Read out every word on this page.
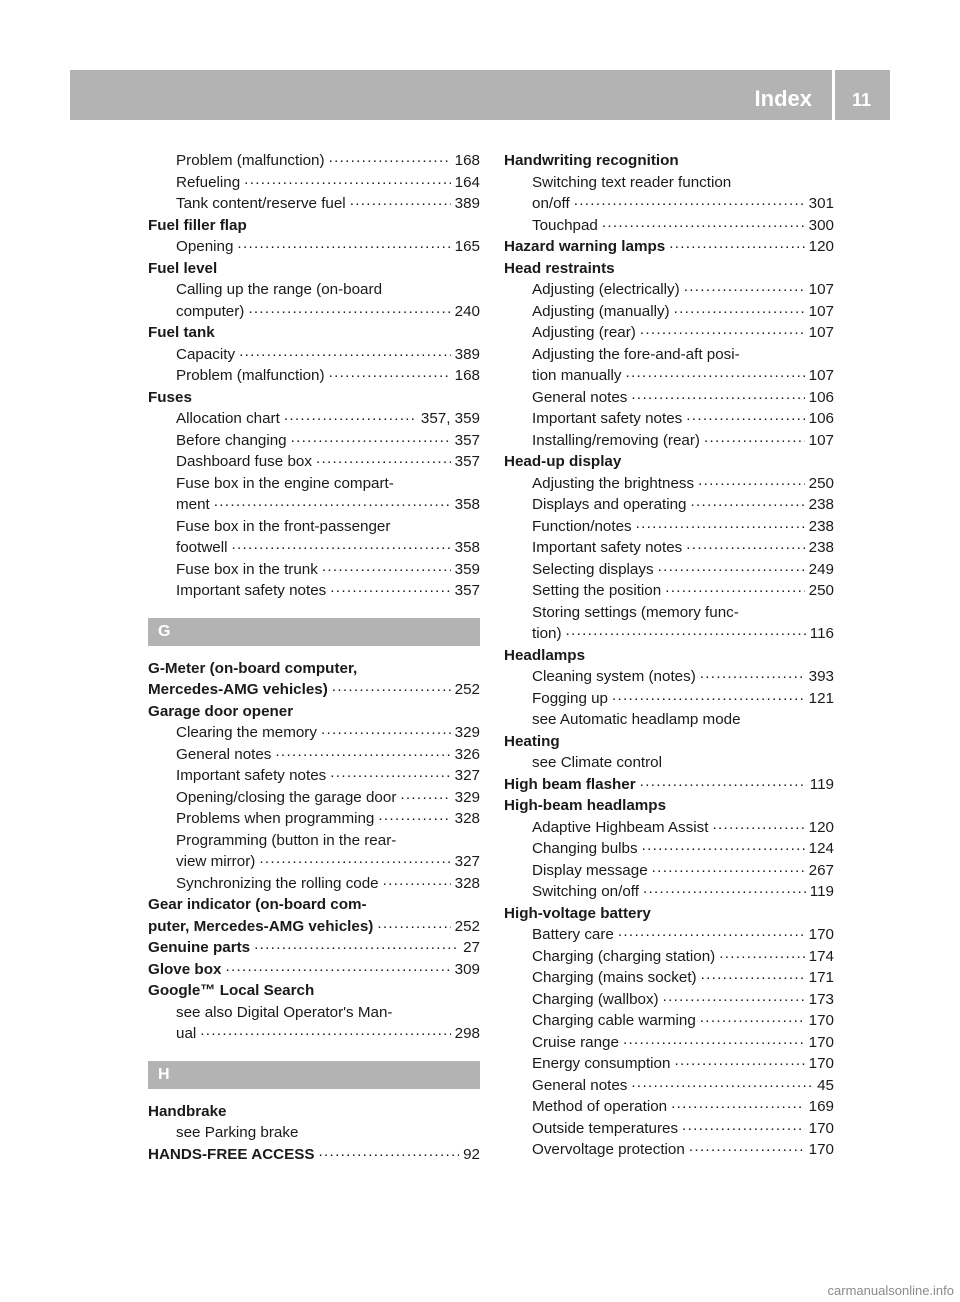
Index 11
Problem (malfunction) .....	168
Refueling .....	164
Tank content/reserve fuel .....	389
Fuel filler flap
Opening .....	165
Fuel level
Calling up the range (on-board
computer) .....	240
Fuel tank
Capacity .....	389
Problem (malfunction) .....	168
Fuses
Allocation chart .....	357, 359
Before changing .....	357
Dashboard fuse box .....	357
Fuse box in the engine compart-
ment .....	358
Fuse box in the front-passenger
footwell .....	358
Fuse box in the trunk .....	359
Important safety notes .....	357
G
G-Meter (on-board computer,
Mercedes-AMG vehicles) .....	252
Garage door opener
Clearing the memory .....	329
General notes .....	326
Important safety notes .....	327
Opening/closing the garage door .....	329
Problems when programming .....	328
Programming (button in the rear-
view mirror) .....	327
Synchronizing the rolling code .....	328
Gear indicator (on-board com-
puter, Mercedes-AMG vehicles) .....	252
Genuine parts .....	27
Glove box .....	309
Google™ Local Search
see also Digital Operator's Man-
ual .....	298
H
Handbrake
see Parking brake
HANDS-FREE ACCESS .....	92
Handwriting recognition
Switching text reader function
on/off .....	301
Touchpad .....	300
Hazard warning lamps .....	120
Head restraints
Adjusting (electrically) .....	107
Adjusting (manually) .....	107
Adjusting (rear) .....	107
Adjusting the fore-and-aft posi-
tion manually .....	107
General notes .....	106
Important safety notes .....	106
Installing/removing (rear) .....	107
Head-up display
Adjusting the brightness .....	250
Displays and operating .....	238
Function/notes .....	238
Important safety notes .....	238
Selecting displays .....	249
Setting the position .....	250
Storing settings (memory func-
tion) .....	116
Headlamps
Cleaning system (notes) .....	393
Fogging up .....	121
see Automatic headlamp mode
Heating
see Climate control
High beam flasher .....	119
High-beam headlamps
Adaptive Highbeam Assist .....	120
Changing bulbs .....	124
Display message .....	267
Switching on/off .....	119
High-voltage battery
Battery care .....	170
Charging (charging station) .....	174
Charging (mains socket) .....	171
Charging (wallbox) .....	173
Charging cable warming .....	170
Cruise range .....	170
Energy consumption .....	170
General notes .....	45
Method of operation .....	169
Outside temperatures .....	170
Overvoltage protection .....	170
carmanualsonline.info
